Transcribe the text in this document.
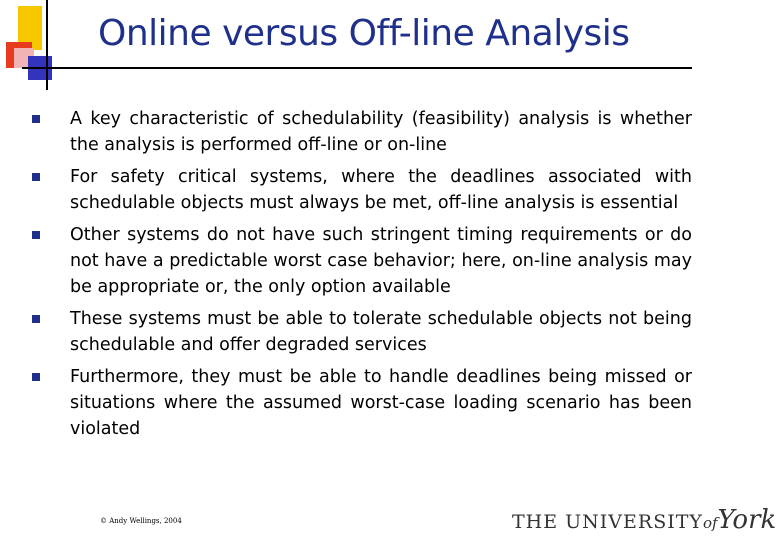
Online versus Off-line Analysis
A key characteristic of schedulability (feasibility) analysis is whether the analysis is performed off-line or on-line
For safety critical systems, where the deadlines associated with schedulable objects must always be met, off-line analysis is essential
Other systems do not have such stringent timing requirements or do not have a predictable worst case behavior; here, on-line analysis may be appropriate or, the only option available
These systems must be able to tolerate schedulable objects not being schedulable and offer degraded services
Furthermore, they must be able to handle deadlines being missed or situations where the assumed worst-case loading scenario has been violated
© Andy Wellings, 2004	THE UNIVERSITYofYork
